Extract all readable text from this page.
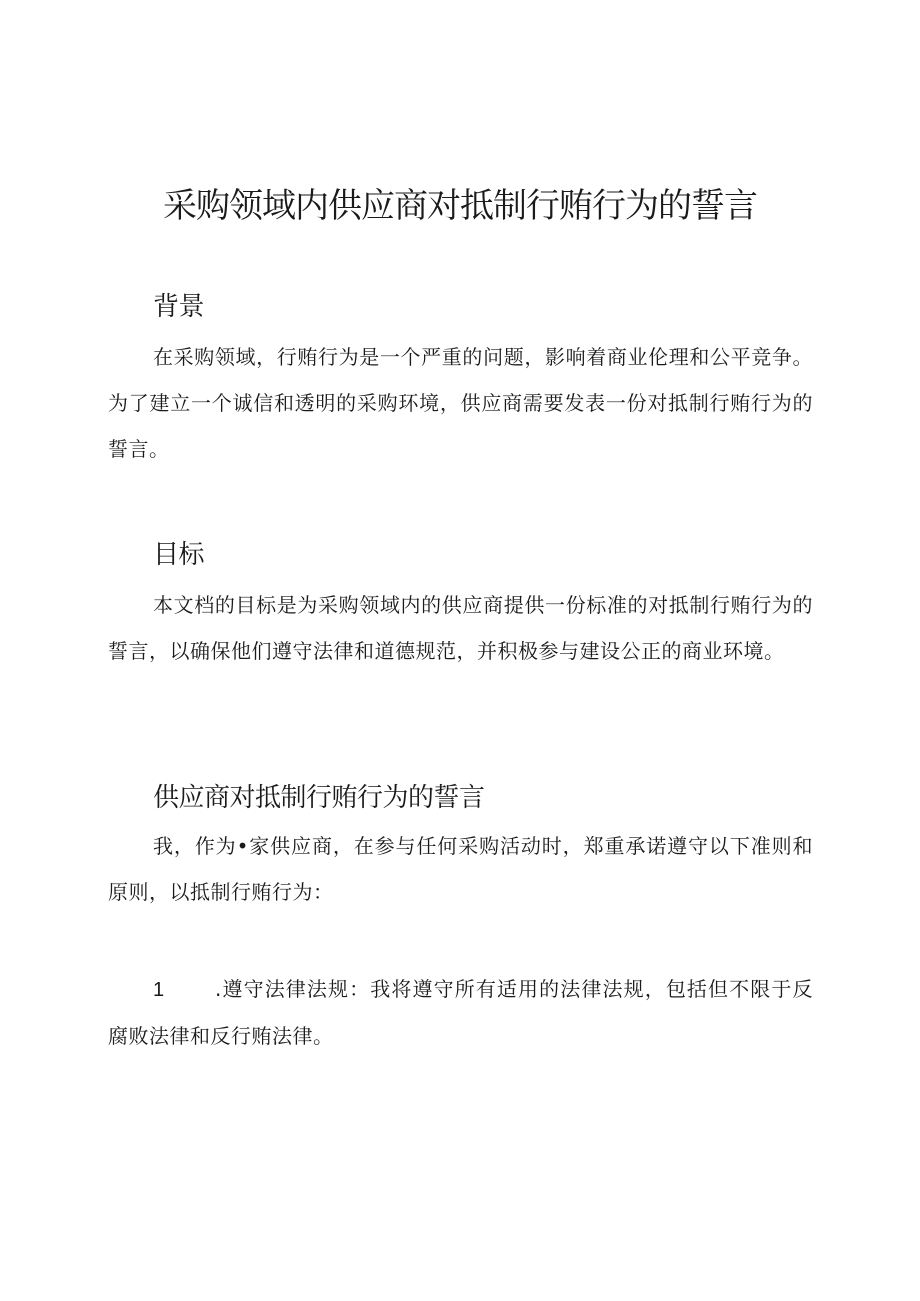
采购领域内供应商对抵制行贿行为的誓言
背景

在采购领域，行贿行为是一个严重的问题，影响着商业伦理和公平竞争。为了建立一个诚信和透明的采购环境，供应商需要发表一份对抵制行贿行为的誓言。

目标

本文档的目标是为采购领域内的供应商提供一份标准的对抵制行贿行为的誓言，以确保他们遵守法律和道德规范，并积极参与建设公正的商业环境。

供应商对抵制行贿行为的誓言

我，作为•家供应商，在参与任何采购活动时，郑重承诺遵守以下准则和原则，以抵制行贿行为：

1	.遵守法律法规：我将遵守所有适用的法律法规，包括但不限于反腐败法律和反行贿法律。
